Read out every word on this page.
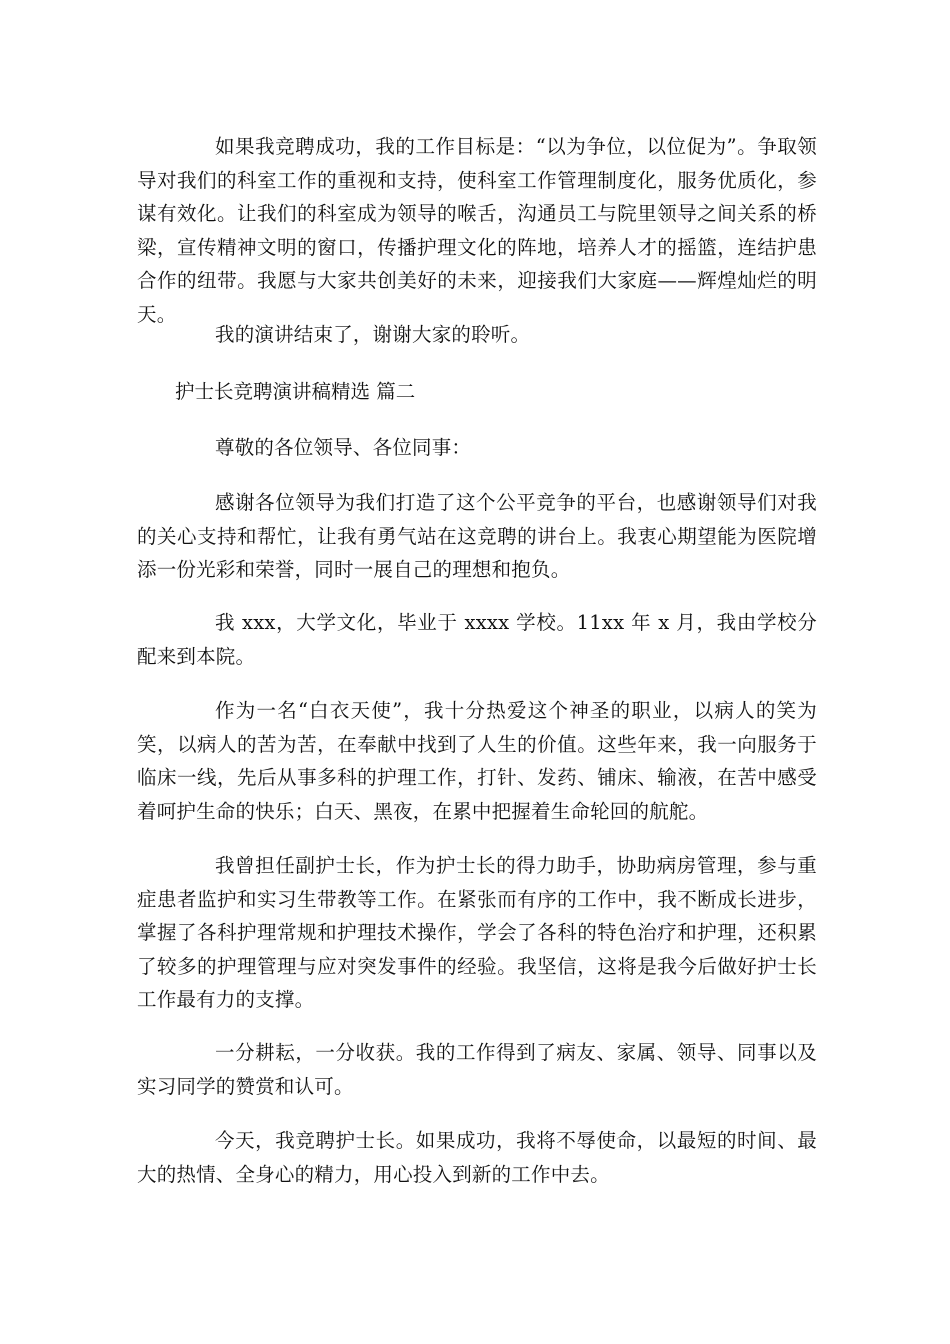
如果我竞聘成功，我的工作目标是：“以为争位，以位促为”。争取领导对我们的科室工作的重视和支持，使科室工作管理制度化，服务优质化，参谋有效化。让我们的科室成为领导的喉舌，沟通员工与院里领导之间关系的桥梁，宣传精神文明的窗口，传播护理文化的阵地，培养人才的摇篮，连结护患合作的纽带。我愿与大家共创美好的未来，迎接我们大家庭——辉煌灿烂的明天。

我的演讲结束了，谢谢大家的聆听。

护士长竞聘演讲稿精选 篇二

尊敬的各位领导、各位同事：

感谢各位领导为我们打造了这个公平竞争的平台，也感谢领导们对我的关心支持和帮忙，让我有勇气站在这竞聘的讲台上。我衷心期望能为医院增添一份光彩和荣誉，同时一展自己的理想和抱负。

我 xxx，大学文化，毕业于 xxxx 学校。11xx 年 x 月，我由学校分配来到本院。

作为一名“白衣天使”，我十分热爱这个神圣的职业，以病人的笑为笑，以病人的苦为苦，在奉献中找到了人生的价值。这些年来，我一向服务于临床一线，先后从事多科的护理工作，打针、发药、铺床、输液，在苦中感受着呵护生命的快乐；白天、黑夜，在累中把握着生命轮回的航舵。

我曾担任副护士长，作为护士长的得力助手，协助病房管理，参与重症患者监护和实习生带教等工作。在紧张而有序的工作中，我不断成长进步，掌握了各科护理常规和护理技术操作，学会了各科的特色治疗和护理，还积累了较多的护理管理与应对突发事件的经验。我坚信，这将是我今后做好护士长工作最有力的支撑。

一分耕耘，一分收获。我的工作得到了病友、家属、领导、同事以及实习同学的赞赏和认可。

今天，我竞聘护士长。如果成功，我将不辱使命，以最短的时间、最大的热情、全身心的精力，用心投入到新的工作中去。
